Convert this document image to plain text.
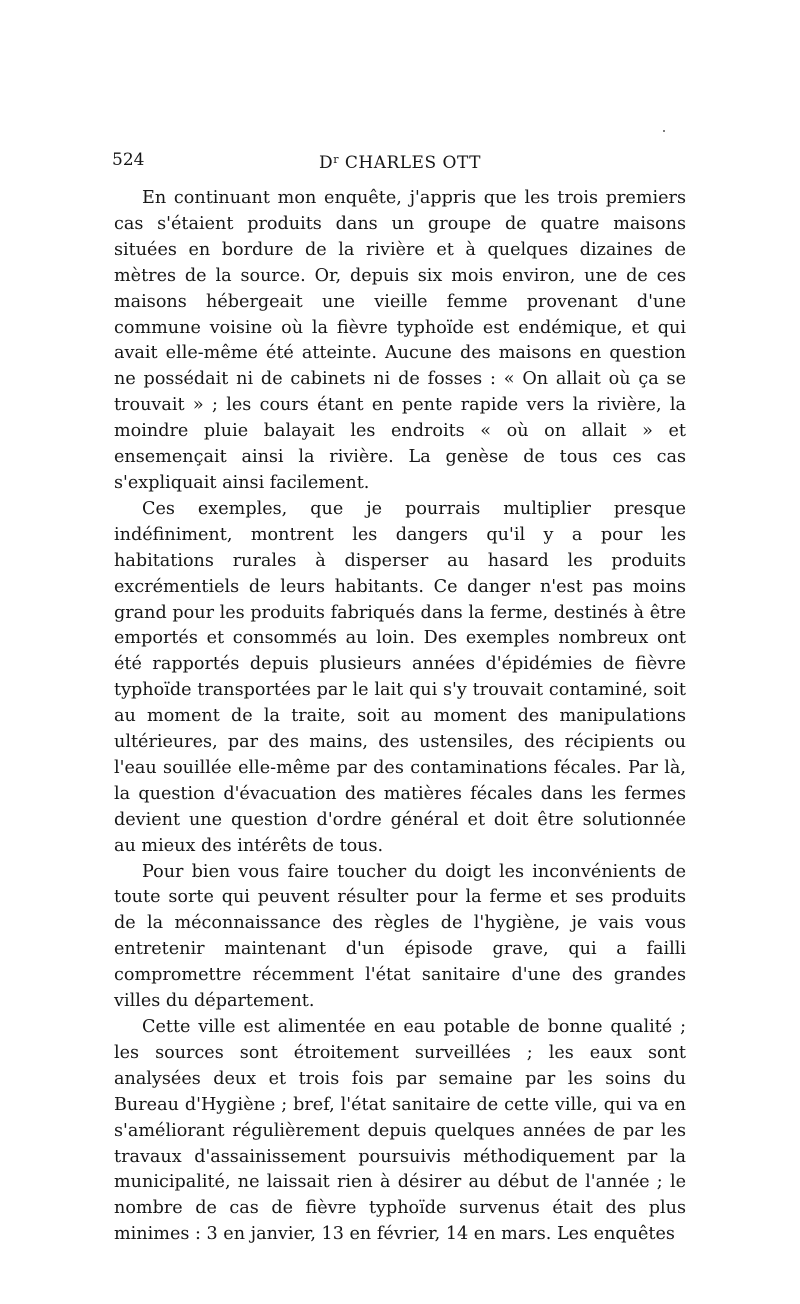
524	$D^r$ CHARLES OTT

En continuant mon enquête, j'appris que les trois premiers cas s'étaient produits dans un groupe de quatre maisons situées en bordure de la rivière et à quelques dizaines de mètres de la source. Or, depuis six mois environ, une de ces maisons hébergeait une vieille femme provenant d'une commune voisine où la fièvre typhoïde est endémique, et qui avait elle-même été atteinte. Aucune des maisons en question ne possédait ni de cabinets ni de fosses : « On allait où ça se trouvait » ; les cours étant en pente rapide vers la rivière, la moindre pluie balayait les endroits « où on allait » et ensemençait ainsi la rivière. La genèse de tous ces cas s'expliquait ainsi facilement.

Ces exemples, que je pourrais multiplier presque indéfiniment, montrent les dangers qu'il y a pour les habitations rurales à disperser au hasard les produits excrémentiels de leurs habitants. Ce danger n'est pas moins grand pour les produits fabriqués dans la ferme, destinés à être emportés et consommés au loin. Des exemples nombreux ont été rapportés depuis plusieurs années d'épidémies de fièvre typhoïde transportées par le lait qui s'y trouvait contaminé, soit au moment de la traite, soit au moment des manipulations ultérieures, par des mains, des ustensiles, des récipients ou l'eau souillée elle-même par des contaminations fécales. Par là, la question d'évacuation des matières fécales dans les fermes devient une question d'ordre général et doit être solutionnée au mieux des intérêts de tous.

Pour bien vous faire toucher du doigt les inconvénients de toute sorte qui peuvent résulter pour la ferme et ses produits de la méconnaissance des règles de l'hygiène, je vais vous entretenir maintenant d'un épisode grave, qui a failli compromettre récemment l'état sanitaire d'une des grandes villes du département.

Cette ville est alimentée en eau potable de bonne qualité ; les sources sont étroitement surveillées ; les eaux sont analysées deux et trois fois par semaine par les soins du Bureau d'Hygiène ; bref, l'état sanitaire de cette ville, qui va en s'améliorant régulièrement depuis quelques années de par les travaux d'assainissement poursuivis méthodiquement par la municipalité, ne laissait rien à désirer au début de l'année ; le nombre de cas de fièvre typhoïde survenus était des plus minimes : 3 en janvier, 13 en février, 14 en mars. Les enquêtes
